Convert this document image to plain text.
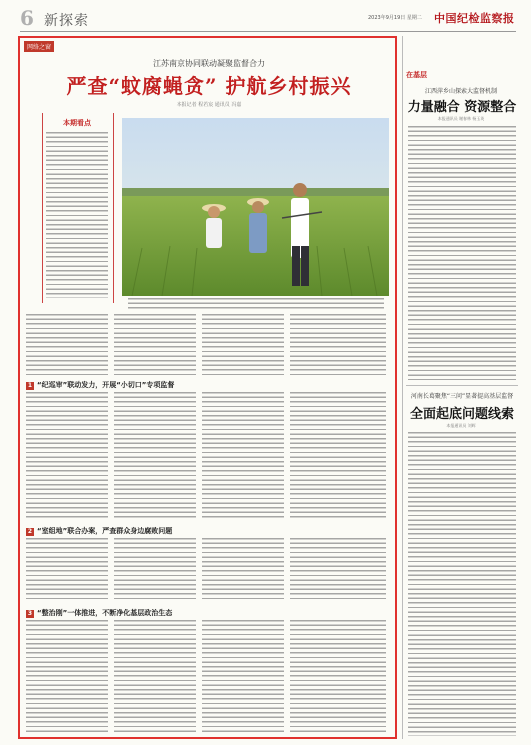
6 新探索	2023年9月19日 星期二 中国纪检监察报
网络之窗
江苏南京协同联动凝聚监督合力
严查“蚊腐蝇贪” 护航乡村振兴
本报记者 程若宸 通讯员 冯嘉
本期看点
1 “纪巡审”联动发力，开展“小切口”专项监督
2 “室组地”联合办案，严查群众身边腐败问题
3 “整治刚”一体推进，不断净化基层政治生态
在基层
江西萍乡山探索大监督机制
力量融合 资源整合
本报通讯员 谢春林 杨玉英
河南长葛聚焦“三问”显著提高基层监督
全面起底问题线索
本报通讯员 刘辉
